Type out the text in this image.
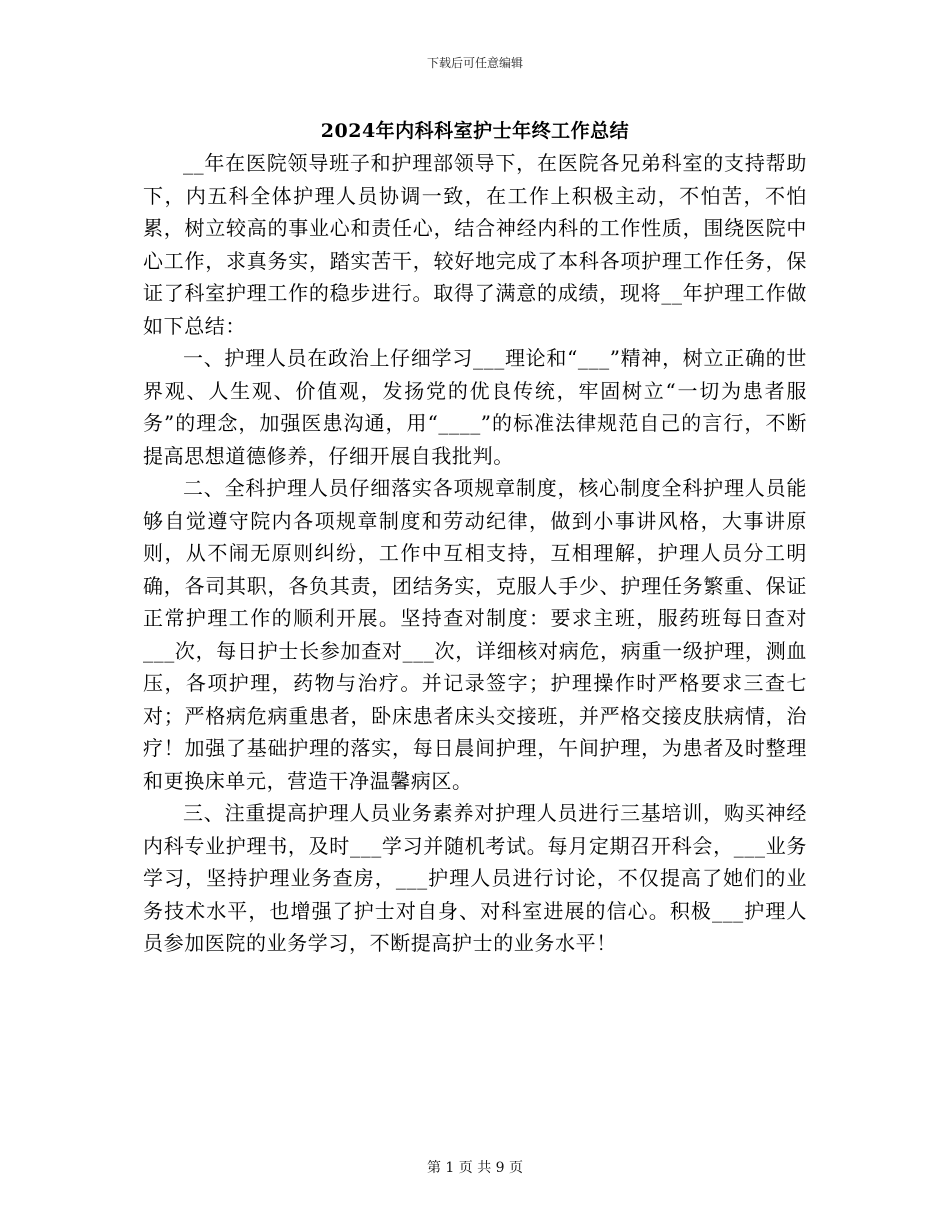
下载后可任意编辑
2024年内科科室护士年终工作总结

__年在医院领导班子和护理部领导下，在医院各兄弟科室的支持帮助下，内五科全体护理人员协调一致，在工作上积极主动，不怕苦，不怕累，树立较高的事业心和责任心，结合神经内科的工作性质，围绕医院中心工作，求真务实，踏实苦干，较好地完成了本科各项护理工作任务，保证了科室护理工作的稳步进行。取得了满意的成绩，现将__年护理工作做如下总结：

一、护理人员在政治上仔细学习___理论和“___”精神，树立正确的世界观、人生观、价值观，发扬党的优良传统，牢固树立“一切为患者服务”的理念，加强医患沟通，用“____”的标准法律规范自己的言行，不断提高思想道德修养，仔细开展自我批判。

二、全科护理人员仔细落实各项规章制度，核心制度全科护理人员能够自觉遵守院内各项规章制度和劳动纪律，做到小事讲风格，大事讲原则，从不闹无原则纠纷，工作中互相支持，互相理解，护理人员分工明确，各司其职，各负其责，团结务实，克服人手少、护理任务繁重、保证正常护理工作的顺利开展。坚持查对制度：要求主班，服药班每日查对___次，每日护士长参加查对___次，详细核对病危，病重一级护理，测血压，各项护理，药物与治疗。并记录签字；护理操作时严格要求三查七对；严格病危病重患者，卧床患者床头交接班，并严格交接皮肤病情，治疗！加强了基础护理的落实，每日晨间护理，午间护理，为患者及时整理和更换床单元，营造干净温馨病区。

三、注重提高护理人员业务素养对护理人员进行三基培训，购买神经内科专业护理书，及时___学习并随机考试。每月定期召开科会，___业务学习，坚持护理业务查房，___护理人员进行讨论，不仅提高了她们的业务技术水平，也增强了护士对自身、对科室进展的信心。积极___护理人员参加医院的业务学习，不断提高护士的业务水平！

第 1 页 共 9 页
